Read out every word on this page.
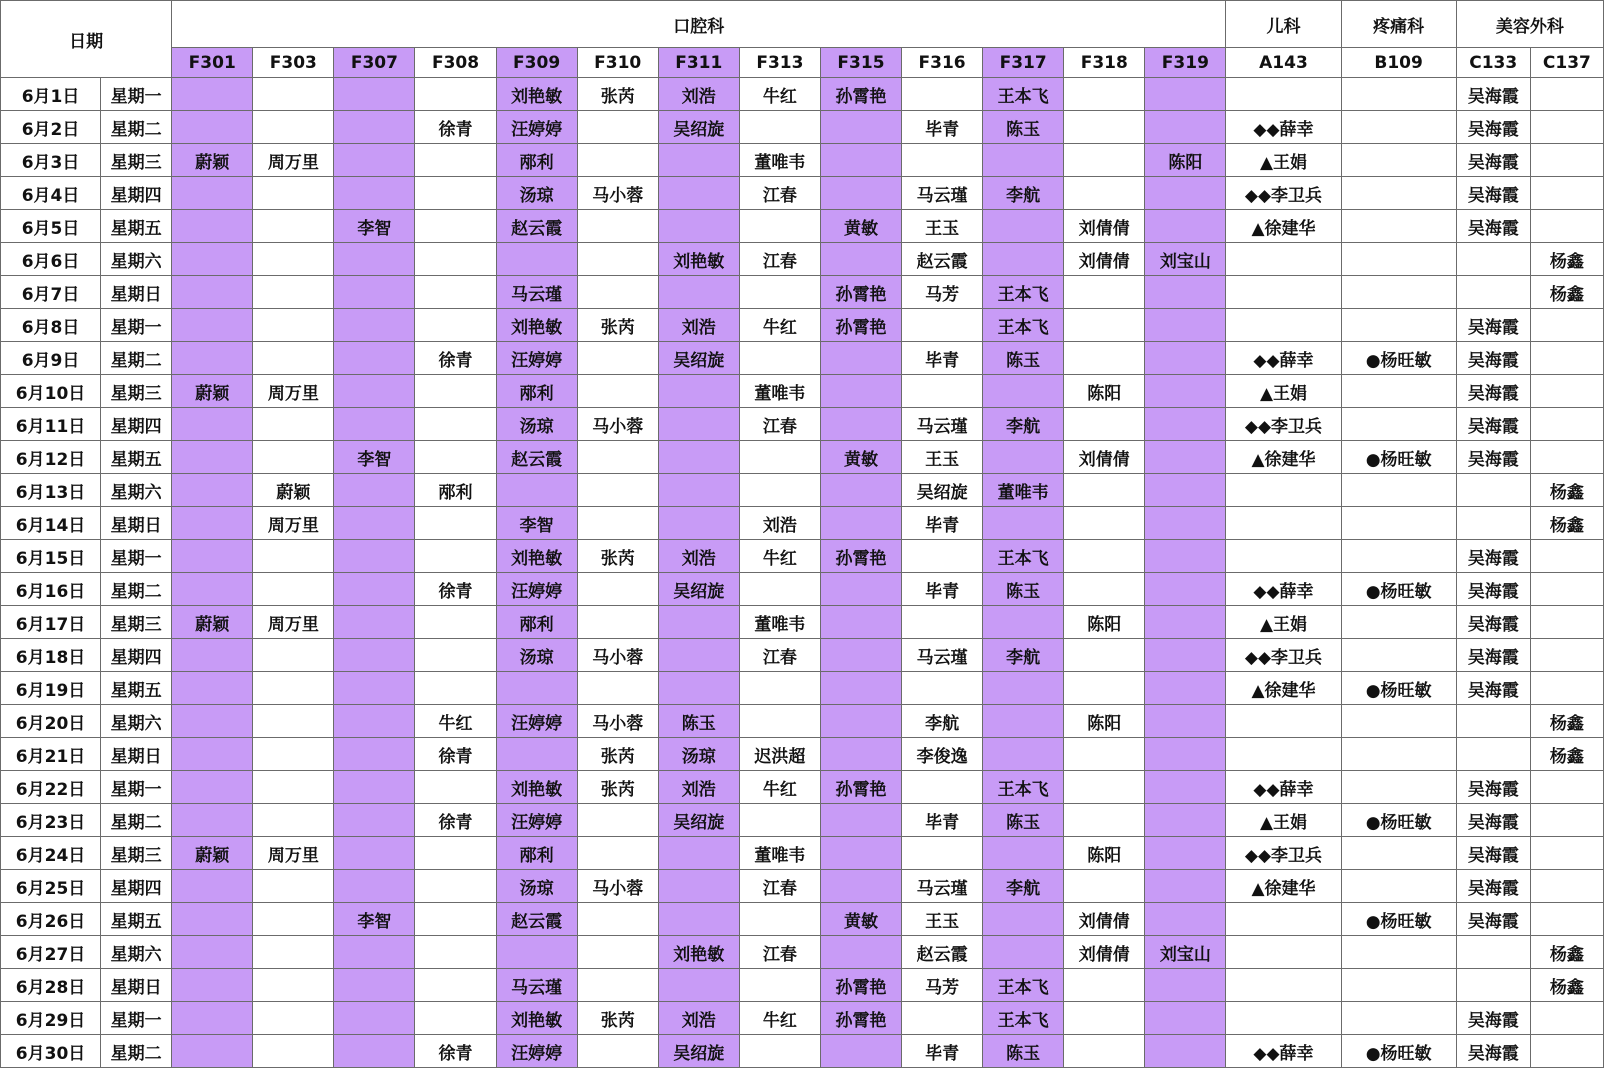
日期		口腔科													儿科	疼痛科	美容外科	
		F301	F303	F307	F308	F309	F310	F311	F313	F315	F316	F317	F318	F319	A143	B109	C133	C137
6月1日	星期一					刘艳敏	张芮	刘浩	牛红	孙霄艳		王本飞					吴海霞	
6月2日	星期二				徐青	汪婷婷		吴绍旋			毕青	陈玉			◆◆薛幸		吴海霞	
6月3日	星期三	蔚颖	周万里			邴利			董唯韦					陈阳	▲王娟		吴海霞	
6月4日	星期四					汤琼	马小蓉		江春		马云瑾	李航			◆◆李卫兵		吴海霞	
6月5日	星期五			李智		赵云霞				黄敏	王玉		刘倩倩		▲徐建华		吴海霞	
6月6日	星期六							刘艳敏	江春		赵云霞		刘倩倩	刘宝山				杨鑫
6月7日	星期日					马云瑾				孙霄艳	马芳	王本飞						杨鑫
6月8日	星期一					刘艳敏	张芮	刘浩	牛红	孙霄艳		王本飞					吴海霞	
6月9日	星期二				徐青	汪婷婷		吴绍旋			毕青	陈玉			◆◆薛幸	●杨旺敏	吴海霞	
6月10日	星期三	蔚颖	周万里			邴利			董唯韦				陈阳		▲王娟		吴海霞	
6月11日	星期四					汤琼	马小蓉		江春		马云瑾	李航			◆◆李卫兵		吴海霞	
6月12日	星期五			李智		赵云霞				黄敏	王玉		刘倩倩		▲徐建华	●杨旺敏	吴海霞	
6月13日	星期六		蔚颖		邴利						吴绍旋	董唯韦						杨鑫
6月14日	星期日		周万里			李智			刘浩		毕青							杨鑫
6月15日	星期一					刘艳敏	张芮	刘浩	牛红	孙霄艳		王本飞					吴海霞	
6月16日	星期二				徐青	汪婷婷		吴绍旋			毕青	陈玉			◆◆薛幸	●杨旺敏	吴海霞	
6月17日	星期三	蔚颖	周万里			邴利			董唯韦				陈阳		▲王娟		吴海霞	
6月18日	星期四					汤琼	马小蓉		江春		马云瑾	李航			◆◆李卫兵		吴海霞	
6月19日	星期五														▲徐建华	●杨旺敏	吴海霞	
6月20日	星期六				牛红	汪婷婷	马小蓉	陈玉			李航		陈阳					杨鑫
6月21日	星期日				徐青		张芮	汤琼	迟洪超		李俊逸							杨鑫
6月22日	星期一					刘艳敏	张芮	刘浩	牛红	孙霄艳		王本飞			◆◆薛幸		吴海霞	
6月23日	星期二				徐青	汪婷婷		吴绍旋			毕青	陈玉			▲王娟	●杨旺敏	吴海霞	
6月24日	星期三	蔚颖	周万里			邴利			董唯韦				陈阳		◆◆李卫兵		吴海霞	
6月25日	星期四					汤琼	马小蓉		江春		马云瑾	李航			▲徐建华		吴海霞	
6月26日	星期五			李智		赵云霞				黄敏	王玉		刘倩倩			●杨旺敏	吴海霞	
6月27日	星期六							刘艳敏	江春		赵云霞		刘倩倩	刘宝山				杨鑫
6月28日	星期日					马云瑾				孙霄艳	马芳	王本飞						杨鑫
6月29日	星期一					刘艳敏	张芮	刘浩	牛红	孙霄艳		王本飞					吴海霞	
6月30日	星期二				徐青	汪婷婷		吴绍旋			毕青	陈玉			◆◆薛幸	●杨旺敏	吴海霞	
